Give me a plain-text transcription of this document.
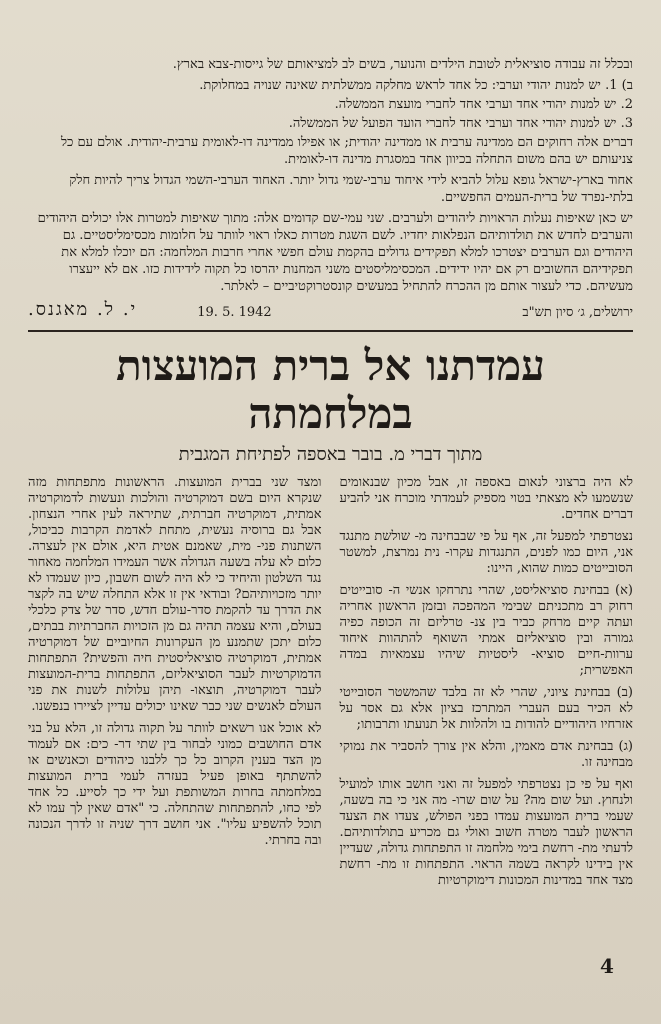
ובכלל זה עבודה סוציאלית לטובת הילדים והנוער, בשים לב למציאותם של גייסות-צבא בארץ.

ב) 1. יש למנות יהודי וערבי: כל אחד לראש מחלקה ממשלתית שאינה שנויה במחלוקת.

2. יש למנות יהודי אחד וערבי אחד לחברי מועצת הממשלה.

3. יש למנות יהודי אחד וערבי אחד לחברי הועד הפועל של הממשלה.

דברים אלה רחוקים הם ממדינה ערבית או ממדינה יהודית; או אפילו ממדינה דו-לאומית ערבית-יהודית. אולם עם כל צניעותם יש בהם משום התחלה בכיוון אחד במסגרת מדינה דו-לאומית.

אחוד בארץ-ישראל גופא עלול להביא לידי איחוד ערבי-שמי גדול יותר. האחוד הערבי-השמי הגדול צריך להיות חלק בלתי-נפרד של ברית-העמים החפשיים.

יש כאן שאיפות נעלות הראויות ליהודים ולערבים. שני עמי-שם קדומים אלה: מתוך שאיפות למטרות אלו יכולים היהודים והערבים לחדש את תולדותיהם הנפלאות יחדיו. לשם השגת מטרות כאלו ראוי לוותר על חלומות מכסימליסטיים. גם היהודים וגם הערבים יצטרכו למלא תפקידים גדולים בהקמת עולם חפשי אחרי חרבות המלחמה: הם יוכלו למלא את תפקידיהם החשובים רק אם יהיו ידידים. המכסימליסטים משני המחנות יהרסו כל תקוה לידידות כזו. אם לא ייעצרו מעשיהם. כדי לעצור אותם מן ההכרח להתחיל במעשים קונסטרוקטיביים – לאלתר.

ירושלים, ג׳ סיון תש"ב
י. ל. מאגנס.	19. 5. 1942
עמדתנו אל ברית המועצות במלחמתה
מתוך דברי מ. בובר באספה לפתיחת המגבית

לא היה ברצוני לנאום באספה זו, אבל מכיון שבנאומים שנשמעו לא מצאתי בטוי מספיק לעמדתי מוכרח אני להביע דברים אחדים.

נצטרפתי למפעל זה, אף על פי שבבחינה מ- שולשת מתנגד אני, היום כמו לפנים, התנגדות עקרו- נית נמרצת, למשטר הסובייטים כמות שהוא, היינו:

(א) בבחינת סוציאליסט, שהרי נתרחקו אנשי ה- סובייטים רחוק רב מתכניתם שבימי המהפכה ובזמן הראשון אחריה ועתה קיים מרחק כביר בין צנ- טרליזם זה הכופה כפיה גמורה ובין סוציאליזם אמתי השואף להתהוות איחוד ערוות-חיים סוציא- ליסטיות שיהיו עצמאיות במדה האפשרית;

(ב) בבחינת ציוני, שהרי לא זה בלבד שהמשטר הסובייטי לא הכיר בעם העברי המתרכז בציון אלא גם אסר על אזרחיו היהודיים להודות בו ולהלוות אל תנועתו ותרבותו;

(ג) בבחינת אדם מאמין, והלא אין צורך להסביר את נמוקי מבחינה זו.

ואף על פי כן נצטרפתי למפעל זה ואני חושב אותו למועיל ולנחוץ. ועל שום מה? על שום שרו- מה אני כי בה בשעה, שעמי ברית המועצות עמדו בפני הפולש, צעדו את הצעד הראשון לעבר מטרה חשוב ואולי גם מכריע בתולדותיהם. לדעתי מת- רחשת בימי מלחמה זו התפתחות גדולה, שעדיין אין בידינו לקראה בשמה הראוי. התפתחות זו מת- רחשת מצד אחד במדינות המכונות דימוקרטיות

ומצד שני בברית המועצות. הראשונות מתפתחות מזה שנקרא היום בשם דמוקרטיה והולכות ונעשות לדמוקרטיה אמתית, דמוקרטיה חברתית, שתיראה לעין אחרי הנצחון. אבל גם ברוסיה נעשית, מתחת לאדמת הקרבות כביכול, השתנות פני- מית, שאמנם אטית היא, אולם אין לעצרה. כלום לא עלה בשעה הגדולה אשר העמידו המלחמה מאחור נגד השלטון והיחיד כי לא היה לשום חשבון, כיון שעמדו לא יותר מזכויותיהם? ובודאי אין זו אלא התחלה שיש בה לקצר את הדרך עד להקמת סדר-עולם חדש, סדר של צדק כלכלי בעולם, והיא עצמה תהיה גם מן הזכויות החברתיות בבתים, כלום יתכן שתמנע מן העקרונות החיוביים של דמוקרטיה אמתית, דמוקרטיה סוציאליסטית חיה והפשית? התפתחות הדמוקרטיות לעבר הסוציאליזם, התפתחות ברית-המועצות לעבר דמוקרטיה, תוצאו- תיהן עלולות לשנות את פני העולם לאנשים שני כבר שאינו יכולים עדיין לציירו בנפשנו.

לא אוכל אנו רשאים לוותר על תקוה גדולה זו, הלא על בני אדם החושבים כמוני לבחור בין שתי דר- כים: אם לעמוד מן הצד בענין הקרוב כל כך ללבנו כיהודים וכאנשים או להשתתף באופן פעיל בעזרה לעמי ברית המועצות במלחמתה בחרות המשותפת ועל ידי כך לסייע. כל אחד לפי כחו, להתפתחות שהתחלה. כי "אדם שאין לך עמו לא תוכל להשפיע עליו". אני חושב דרך שניה זו לדרך הנכונה ובה בחרתי.

4
